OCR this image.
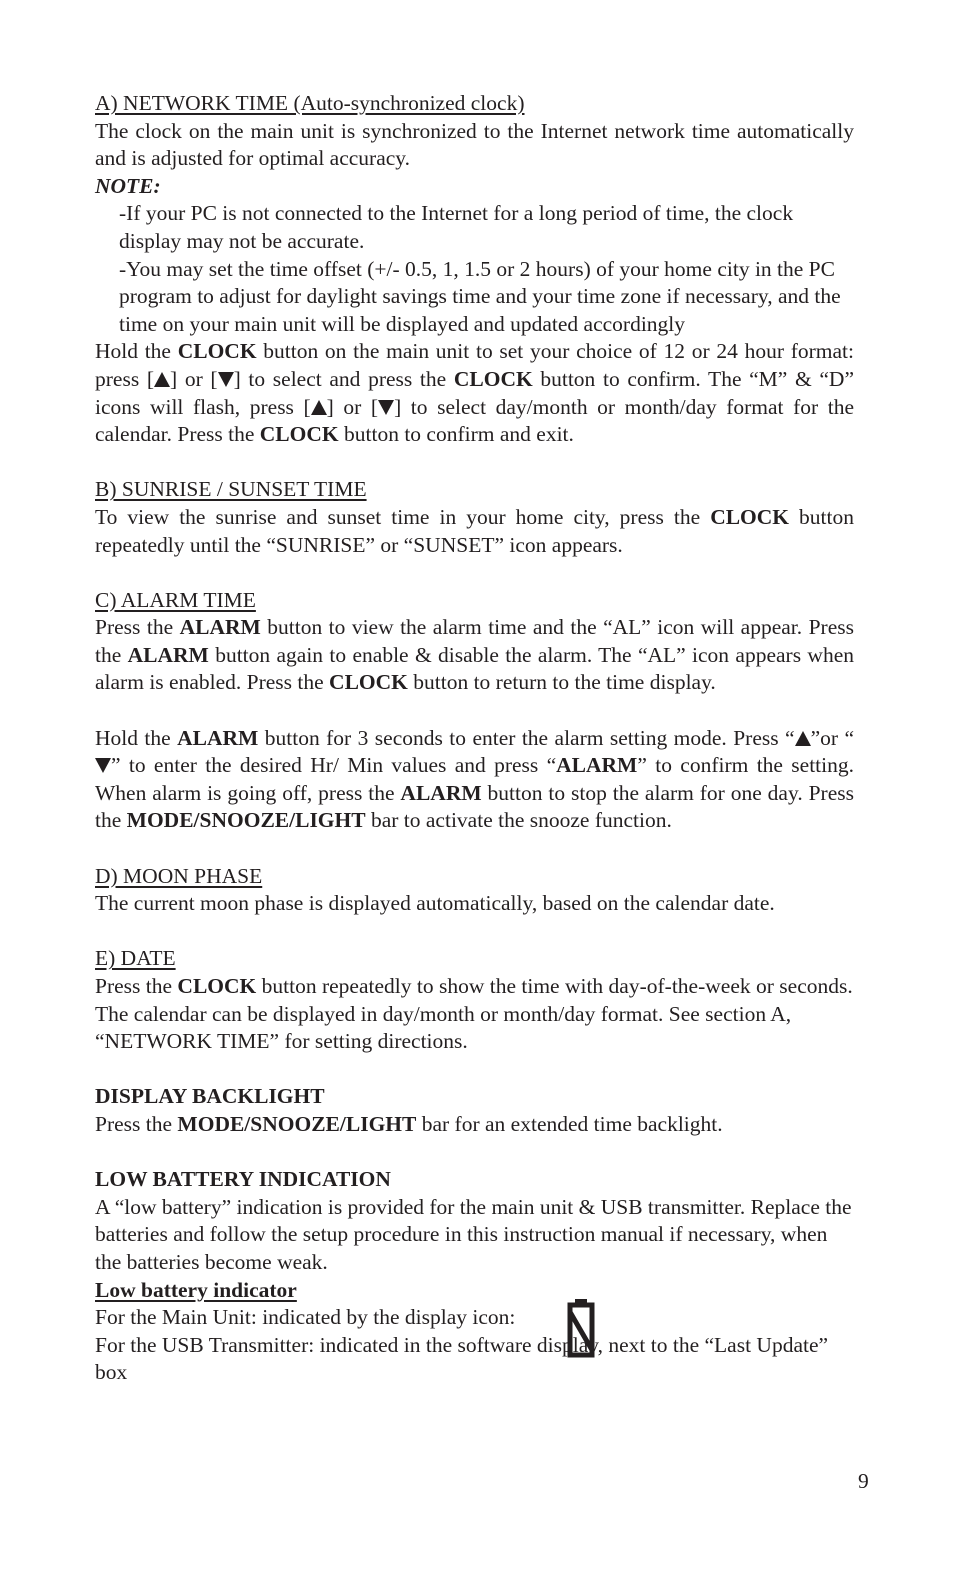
A) NETWORK TIME (Auto-synchronized clock)

The clock on the main unit is synchronized to the Internet network time automatically and is adjusted for optimal accuracy.

NOTE:

-If your PC is not connected to the Internet for a long period of time, the clock display may not be accurate.

-You may set the time offset (+/- 0.5, 1, 1.5 or 2 hours) of your home city in the PC program to adjust for daylight savings time and your time zone if necessary, and the time on your main unit will be displayed and updated accordingly

Hold the CLOCK button on the main unit to set your choice of 12 or 24 hour format: press [ ] or [ ] to select and press the CLOCK button to confirm. The “M” & “D” icons will flash, press [ ] or [ ] to select day/month or month/day format for the calendar. Press the CLOCK button to confirm and exit.

B) SUNRISE / SUNSET TIME

To view the sunrise and sunset time in your home city, press the CLOCK button repeatedly until the “SUNRISE” or “SUNSET” icon appears.

C) ALARM TIME

Press the ALARM button to view the alarm time and the “AL” icon will appear. Press the ALARM button again to enable & disable the alarm. The “AL” icon appears when alarm is enabled. Press the CLOCK button to return to the time display.

Hold the ALARM button for 3 seconds to enter the alarm setting mode. Press “ ”or “” to enter the desired Hr/ Min values and press “ALARM” to confirm the setting. When alarm is going off, press the ALARM button to stop the alarm for one day. Press the MODE/SNOOZE/LIGHT bar to activate the snooze function.

D) MOON PHASE

The current moon phase is displayed automatically, based on the calendar date.

E) DATE

Press the CLOCK button repeatedly to show the time with day-of-the-week or seconds. The calendar can be displayed in day/month or month/day format. See section A, “NETWORK TIME” for setting directions.

DISPLAY BACKLIGHT

Press the MODE/SNOOZE/LIGHT bar for an extended time backlight.

LOW BATTERY INDICATION

A “low battery” indication is provided for the main unit & USB transmitter. Replace the batteries and follow the setup procedure in this instruction manual if necessary, when the batteries become weak.

Low battery indicator

For the Main Unit: indicated by the display icon:

For the USB Transmitter: indicated in the software display, next to the “Last Update” box

9
